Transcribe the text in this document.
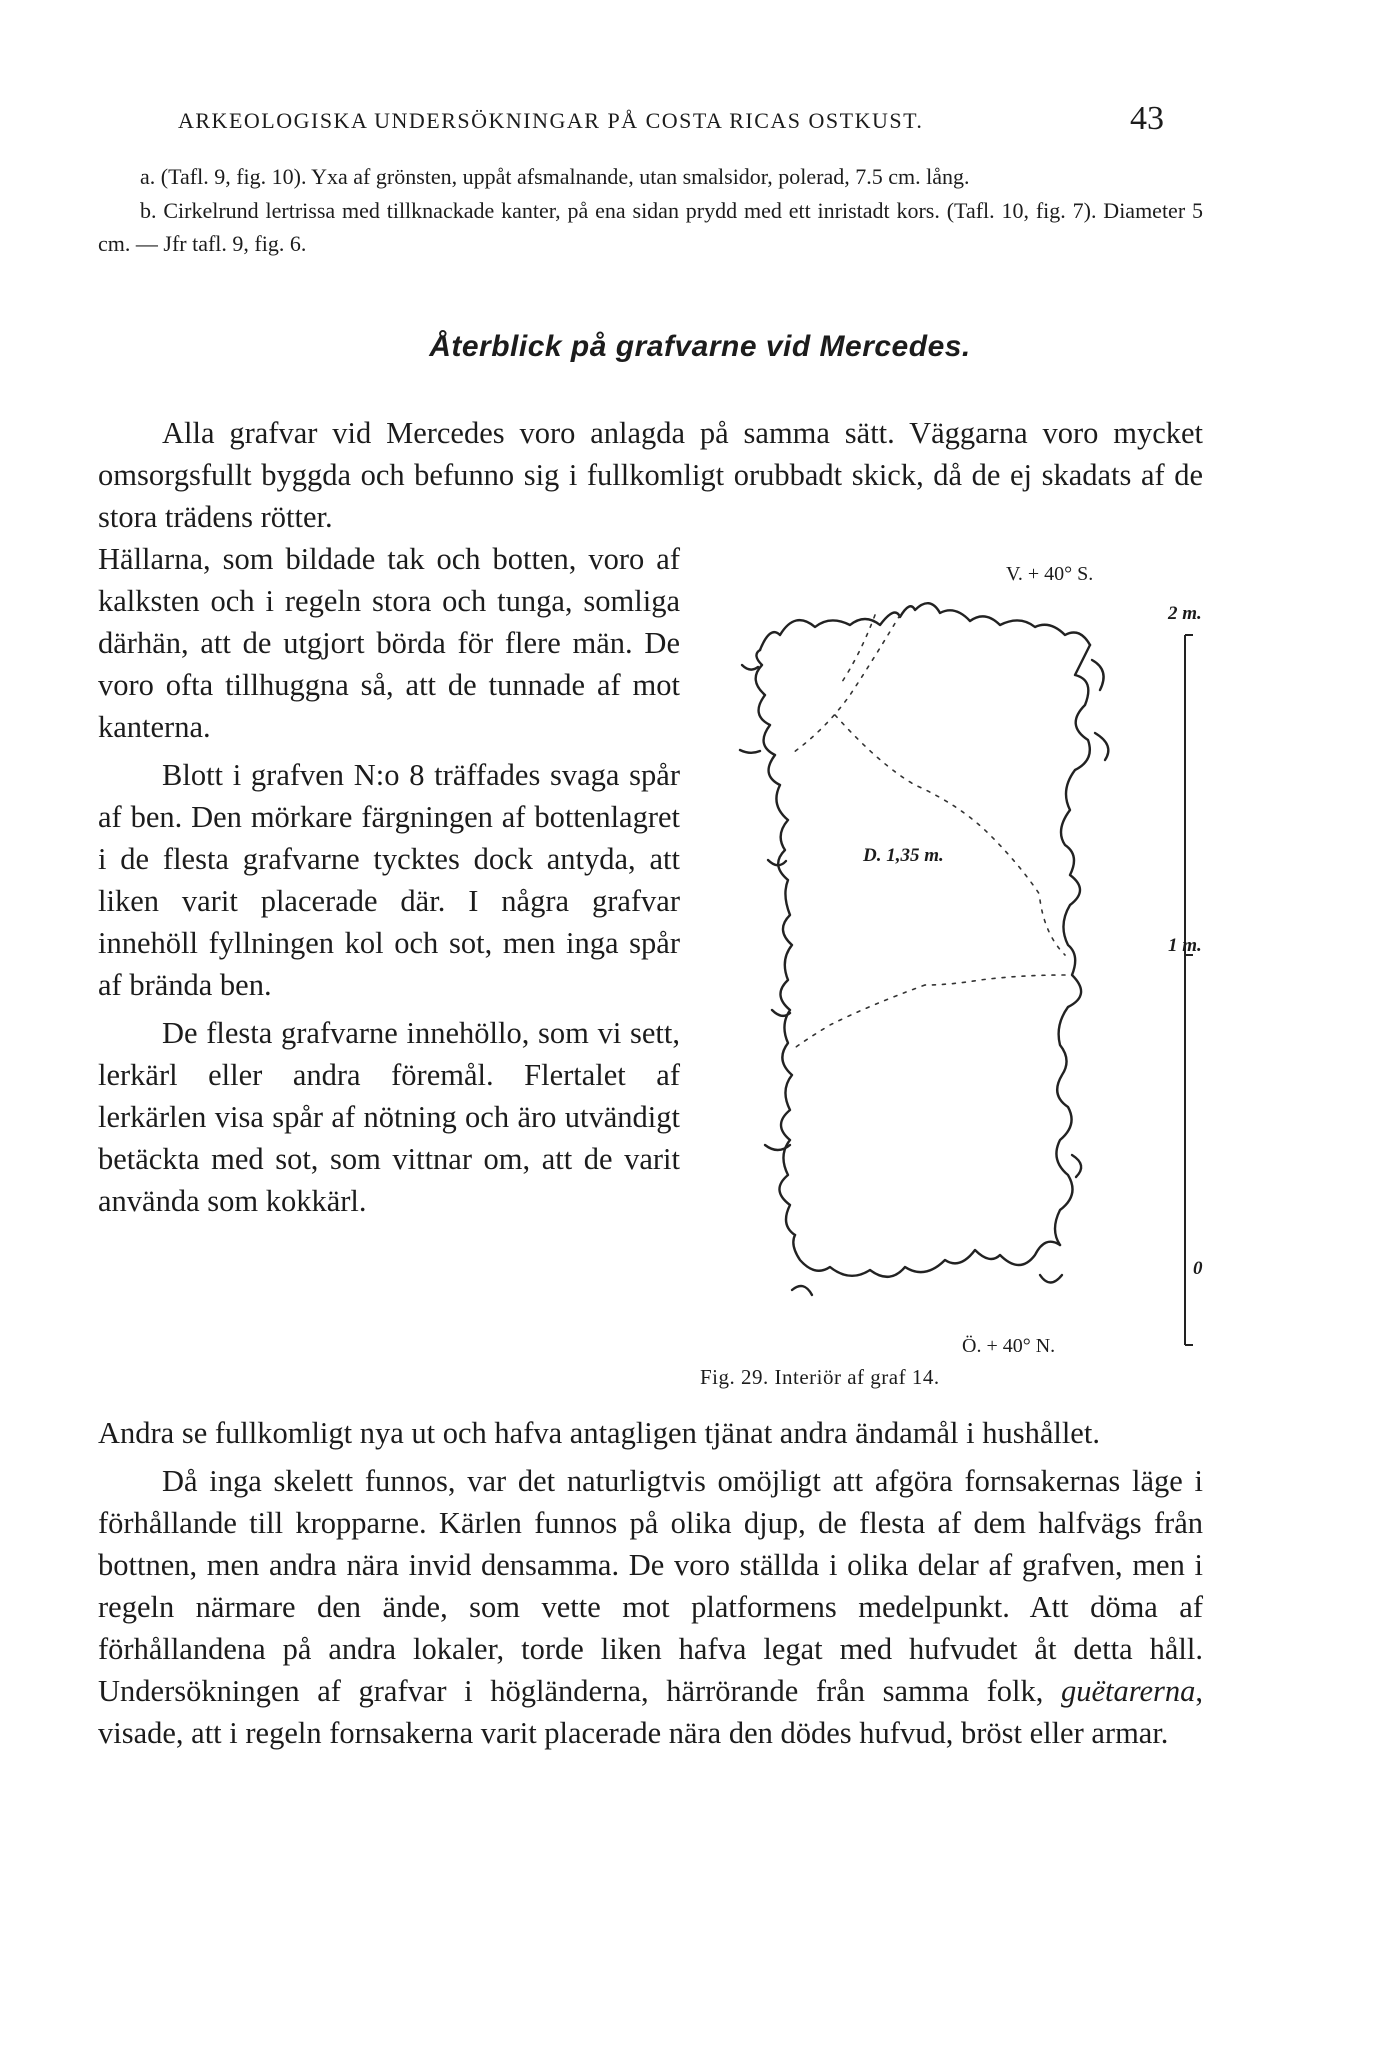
ARKEOLOGISKA UNDERSÖKNINGAR PÅ COSTA RICAS OSTKUST.	43

a. (Tafl. 9, fig. 10). Yxa af grönsten, uppåt afsmalnande, utan smalsidor, polerad, 7.5 cm. lång.

b. Cirkelrund lertrissa med tillknackade kanter, på ena sidan prydd med ett inristadt kors. (Tafl. 10, fig. 7). Diameter 5 cm. — Jfr tafl. 9, fig. 6.

Återblick på grafvarne vid Mercedes.

Alla grafvar vid Mercedes voro anlagda på samma sätt. Väggarna voro mycket omsorgsfullt byggda och befunno sig i fullkomligt orubbadt skick, då de ej skadats af de stora trädens rötter.

Hällarna, som bildade tak och botten, voro af kalksten och i regeln stora och tunga, somliga därhän, att de utgjort börda för flere män. De voro ofta tillhuggna så, att de tunnade af mot kanterna.

Blott i grafven N:o 8 träffades svaga spår af ben. Den mörkare färgningen af bottenlagret i de flesta grafvarne tycktes dock antyda, att liken varit placerade där. I några grafvar innehöll fyllningen kol och sot, men inga spår af brända ben.

De flesta grafvarne innehöllo, som vi sett, lerkärl eller andra föremål. Flertalet af lerkärlen visa spår af nötning och äro utvändigt betäckta med sot, som vittnar om, att de varit använda som kokkärl.

V. + 40° S.
2 m.
D. 1,35 m.
1 m.
0
Ö. + 40° N.
Fig. 29. Interiör af graf 14.

Andra se fullkomligt nya ut och hafva antagligen tjänat andra ändamål i hushållet.

Då inga skelett funnos, var det naturligtvis omöjligt att afgöra fornsakernas läge i förhållande till kropparne. Kärlen funnos på olika djup, de flesta af dem halfvägs från bottnen, men andra nära invid densamma. De voro ställda i olika delar af grafven, men i regeln närmare den ände, som vette mot platformens medelpunkt. Att döma af förhållandena på andra lokaler, torde liken hafva legat med hufvudet åt detta håll. Undersökningen af grafvar i högländerna, härrörande från samma folk, guëtarerna, visade, att i regeln fornsakerna varit placerade nära den dödes hufvud, bröst eller armar.
